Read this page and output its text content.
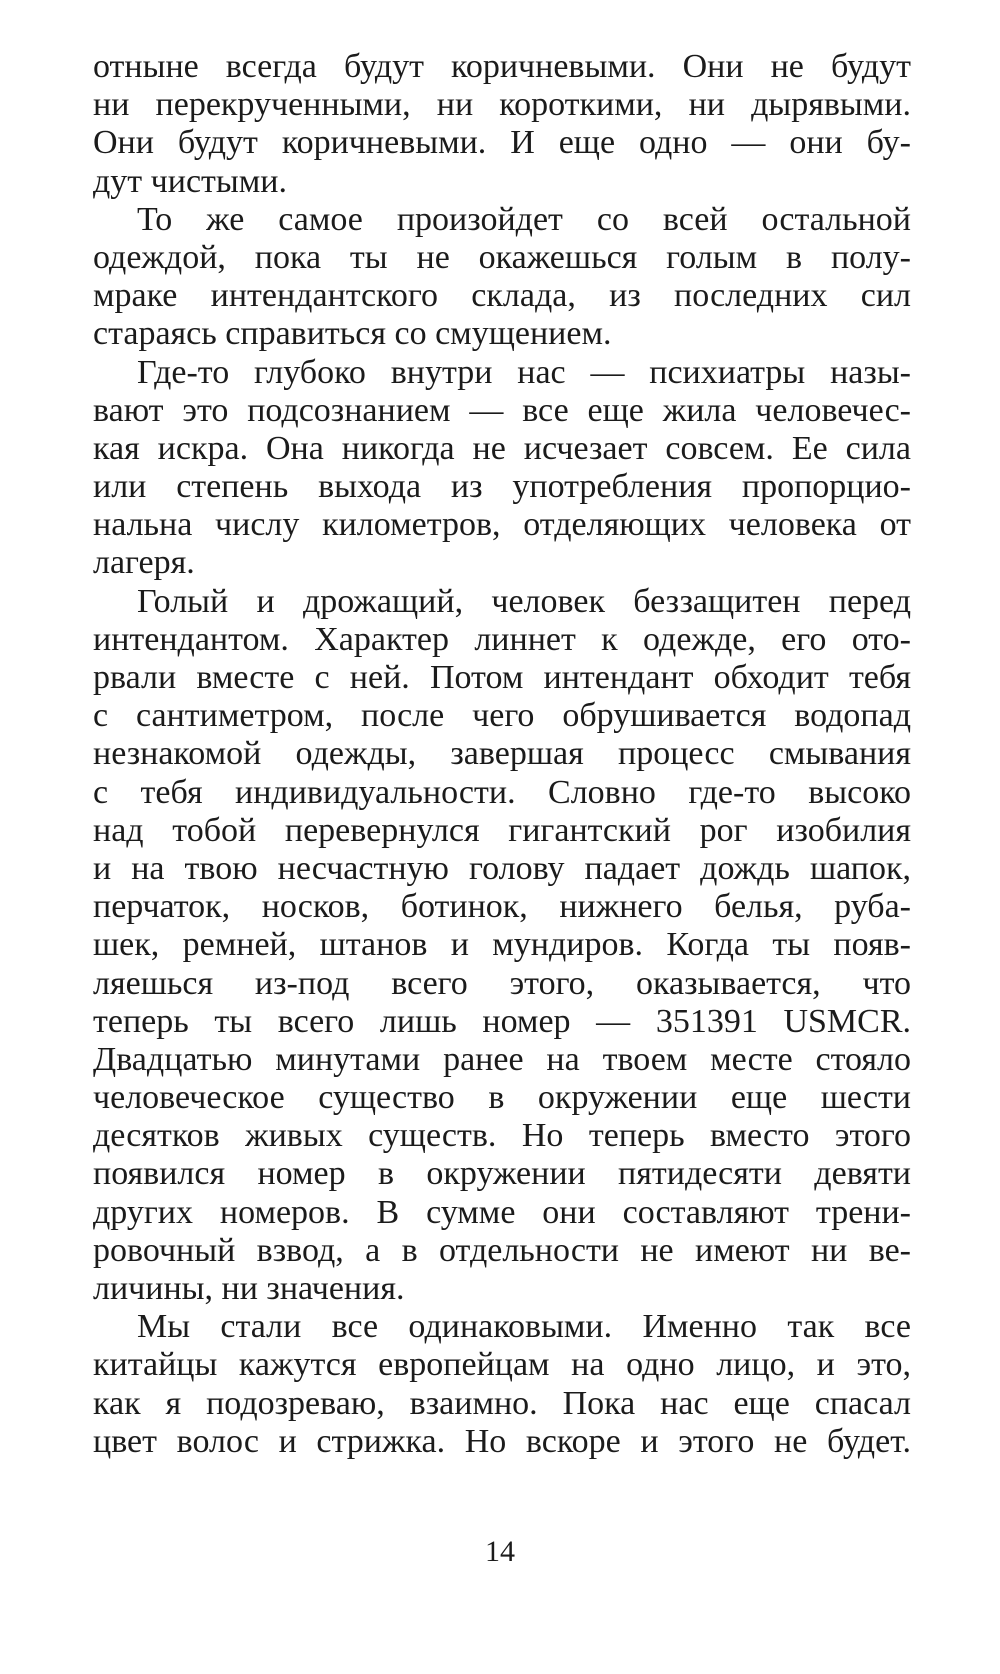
отныне всегда будут коричневыми. Они не будут
ни перекрученными, ни короткими, ни дырявыми.
Они будут коричневыми. И еще одно — они бу-
дут чистыми.
То же самое произойдет со всей остальной
одеждой, пока ты не окажешься голым в полу-
мраке интендантского склада, из последних сил
стараясь справиться со смущением.
Где-то глубоко внутри нас — психиатры назы-
вают это подсознанием — все еще жила человечес-
кая искра. Она никогда не исчезает совсем. Ее сила
или степень выхода из употребления пропорцио-
нальна числу километров, отделяющих человека от
лагеря.
Голый и дрожащий, человек беззащитен перед
интендантом. Характер линнет к одежде, его ото-
рвали вместе с ней. Потом интендант обходит тебя
с сантиметром, после чего обрушивается водопад
незнакомой одежды, завершая процесс смывания
с тебя индивидуальности. Словно где-то высоко
над тобой перевернулся гигантский рог изобилия
и на твою несчастную голову падает дождь шапок,
перчаток, носков, ботинок, нижнего белья, руба-
шек, ремней, штанов и мундиров. Когда ты появ-
ляешься из-под всего этого, оказывается, что
теперь ты всего лишь номер — 351391 USMCR.
Двадцатью минутами ранее на твоем месте стояло
человеческое существо в окружении еще шести
десятков живых существ. Но теперь вместо этого
появился номер в окружении пятидесяти девяти
других номеров. В сумме они составляют трени-
ровочный взвод, а в отдельности не имеют ни ве-
личины, ни значения.
Мы стали все одинаковыми. Именно так все
китайцы кажутся европейцам на одно лицо, и это,
как я подозреваю, взаимно. Пока нас еще спасал
цвет волос и стрижка. Но вскоре и этого не будет.
14
